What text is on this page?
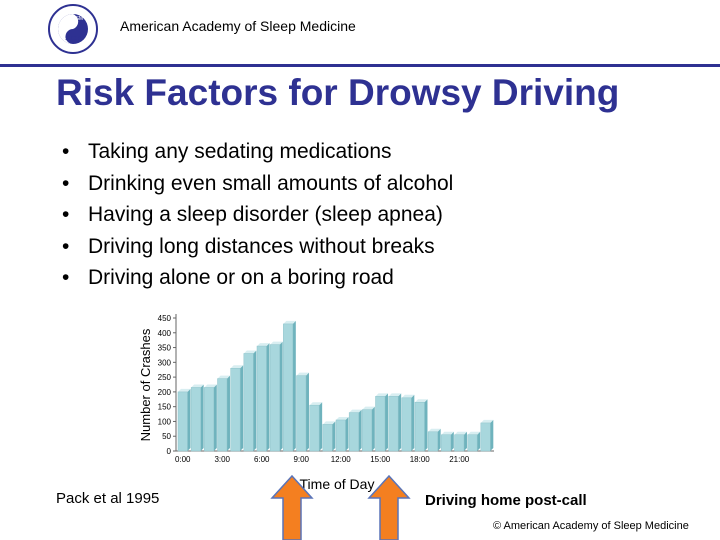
SLEEP
AASM	American Academy of Sleep Medicine
Risk Factors for Drowsy Driving
• Taking any sedating medications
• Drinking even small amounts of alcohol
• Having a sleep disorder (sleep apnea)
• Driving long distances without breaks
• Driving alone or on a boring road
Number of Crashes
Time of Day
0
50
100
150
200
250
300
350
400
450
0:00	3:00	6:00	9:00	12:00 15:00 18:00 21:00
Pack et al 1995	Driving home post-call
© American Academy of Sleep Medicine
